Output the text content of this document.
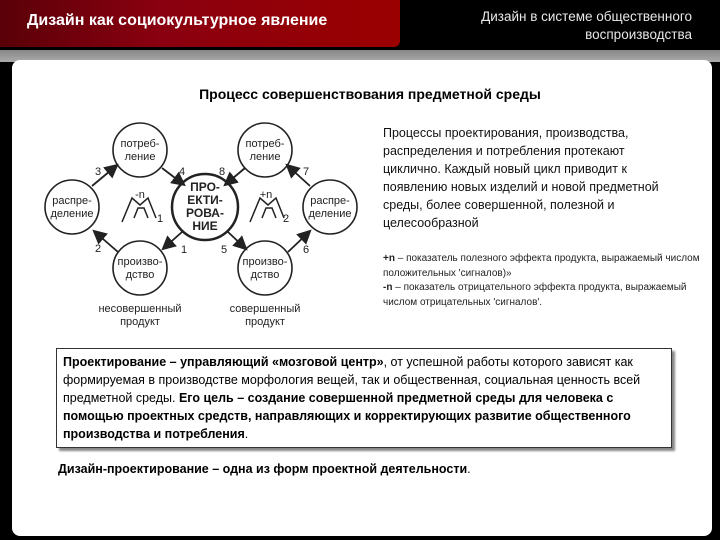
Дизайн как социокультурное явление	Дизайн в системе общественного
воспроизводства
Процесс совершенствования предметной среды
потреб-
ление
потреб-
ление
распре-
деление
распре-
деление
произво-
дство
произво-
дство
ПРО-
ЕКТИ-
РОВА-
НИЕ
несовершенный
продукт
совершенный
продукт
-n	+n
1	2
1
2
3	4
5	6
7
8
Процессы проектирования, производства, распределения и потребления протекают циклично. Каждый новый цикл приводит к появлению новых изделий и новой предметной среды, более совершенной, полезной и целесообразной
+n – показатель полезного эффекта продукта, выражаемый числом положительных 'сигналов)»
-n – показатель отрицательного эффекта продукта, выражаемый числом отрицательных 'сигналов'.
Проектирование – управляющий «мозговой центр», от успешной работы которого зависят как формируемая в производстве морфология вещей, так и общественная, социальная ценность всей предметной среды. Его цель – создание совершенной предметной среды для человека с помощью проектных средств, направляющих и корректирующих развитие общественного производства и потребления.
Дизайн-проектирование – одна из форм проектной деятельности.
